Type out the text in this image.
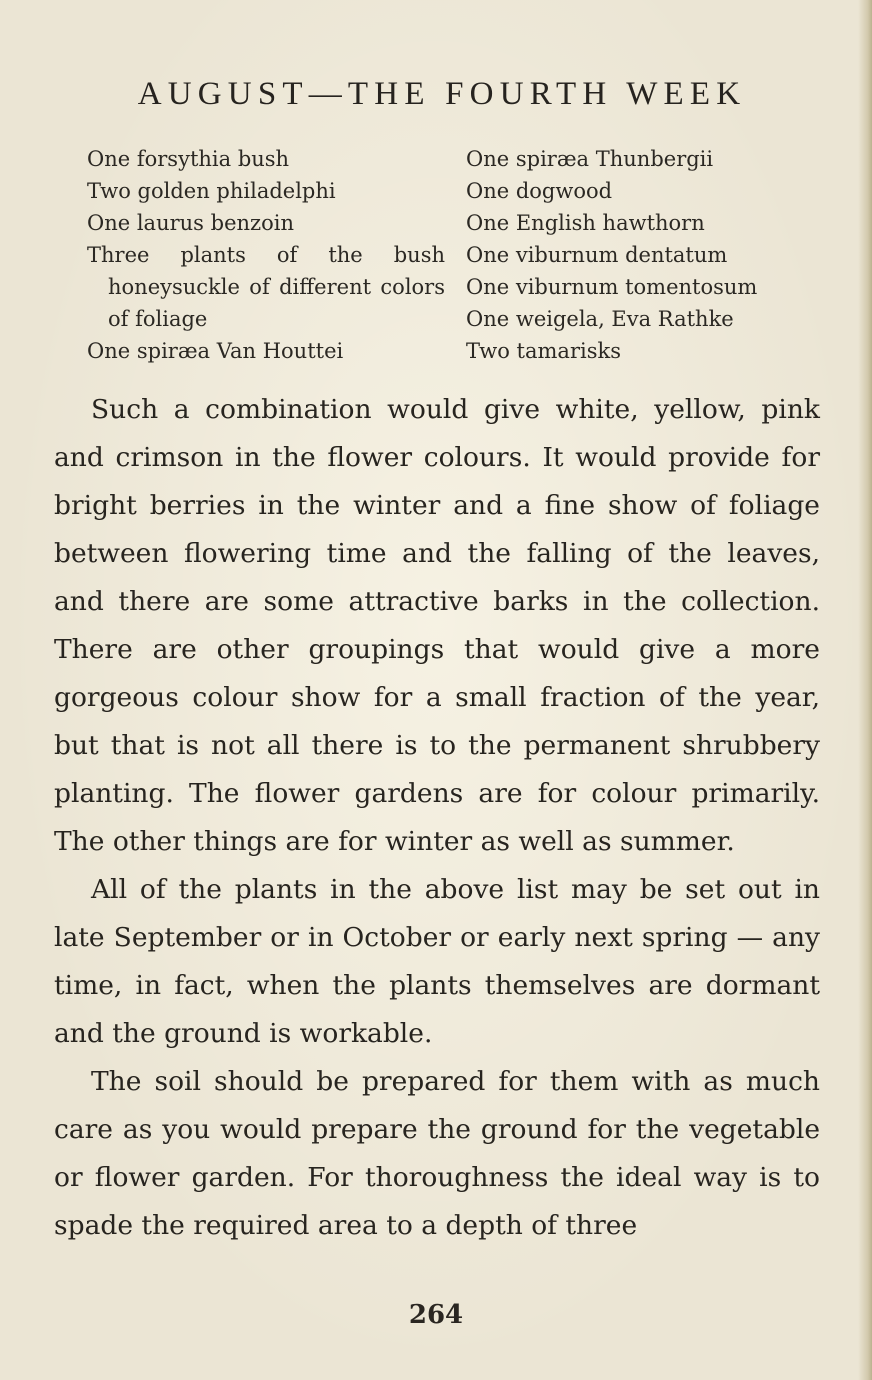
AUGUST—THE FOURTH WEEK
One forsythia bush
Two golden philadelphi
One laurus benzoin
Three plants of the bush honeysuckle of different colors of foliage
One spiræa Van Houttei
One spiræa Thunbergii
One dogwood
One English hawthorn
One viburnum dentatum
One viburnum tomentosum
One weigela, Eva Rathke
Two tamarisks

Such a combination would give white, yellow, pink and crimson in the flower colours. It would provide for bright berries in the winter and a fine show of foliage between flowering time and the falling of the leaves, and there are some attractive barks in the collection. There are other groupings that would give a more gorgeous colour show for a small fraction of the year, but that is not all there is to the permanent shrubbery planting. The flower gardens are for colour primarily. The other things are for winter as well as summer.

All of the plants in the above list may be set out in late September or in October or early next spring — any time, in fact, when the plants themselves are dormant and the ground is workable.

The soil should be prepared for them with as much care as you would prepare the ground for the vegetable or flower garden. For thoroughness the ideal way is to spade the required area to a depth of three

264
